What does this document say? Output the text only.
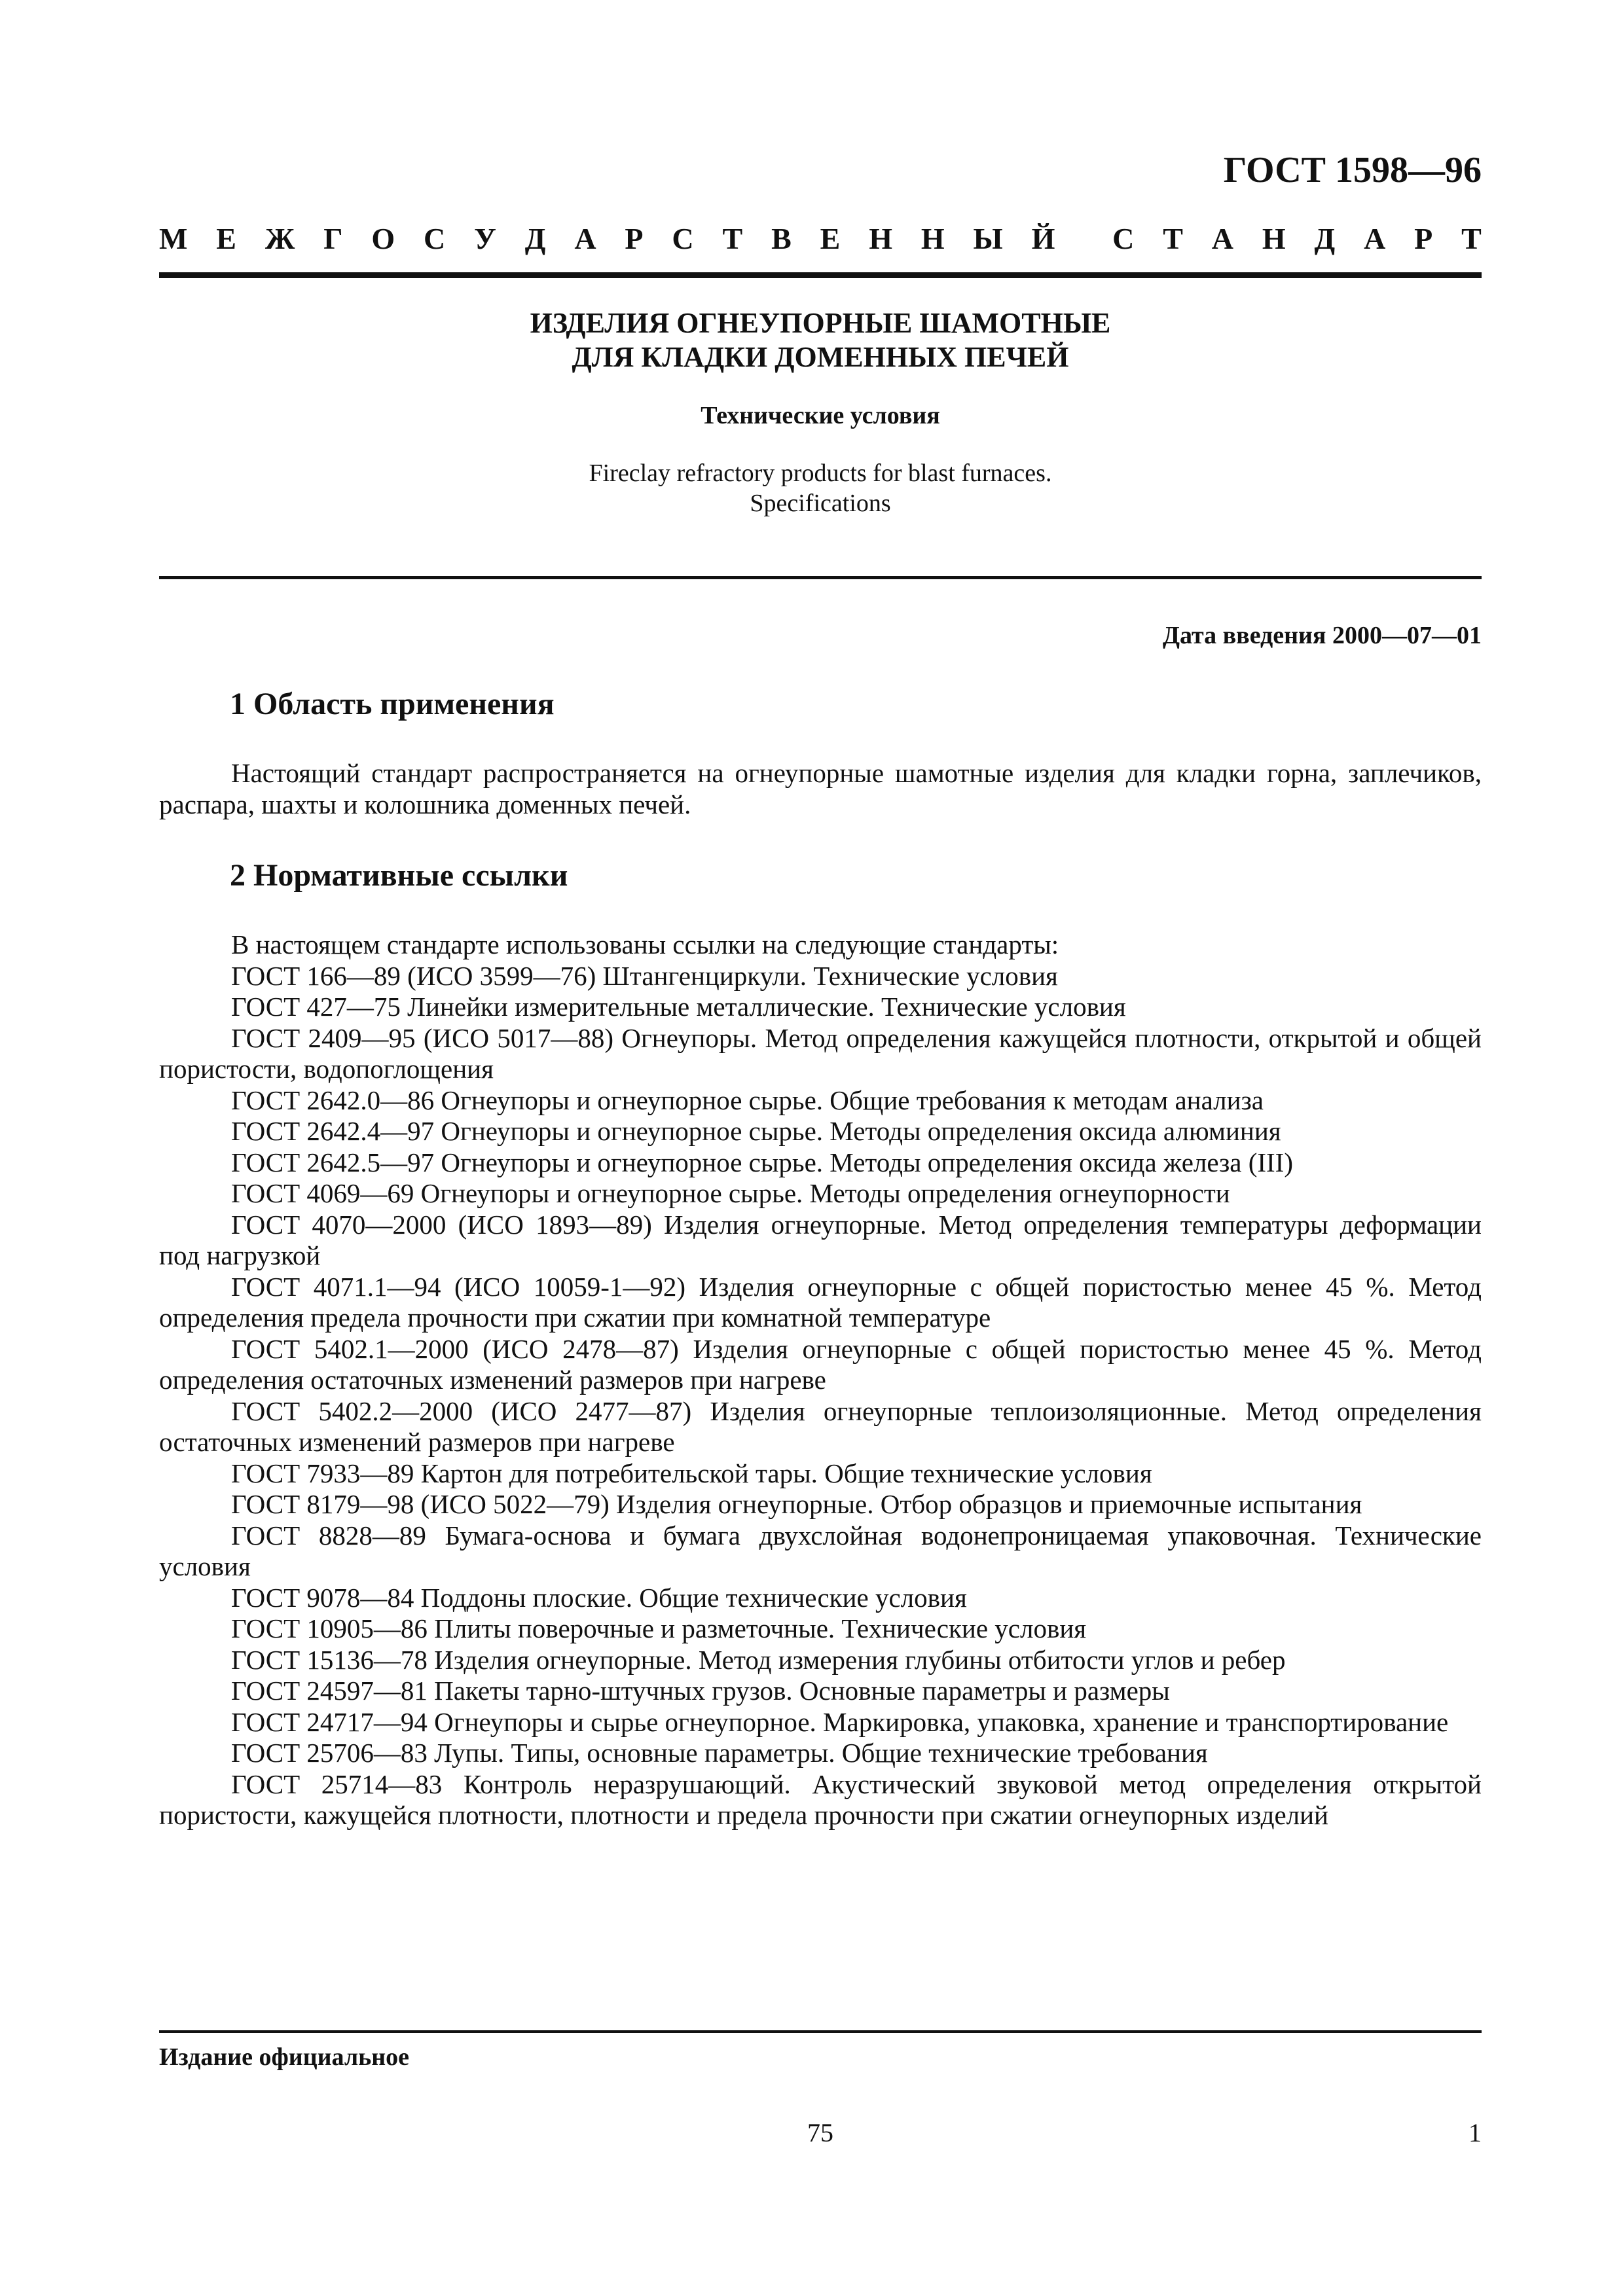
ГОСТ 1598—96
М Е Ж Г О С У Д А Р С Т В Е Н Н Ы Й С Т А Н Д А Р Т
ИЗДЕЛИЯ ОГНЕУПОРНЫЕ ШАМОТНЫЕ
ДЛЯ КЛАДКИ ДОМЕННЫХ ПЕЧЕЙ
Технические условия
Fireclay refractory products for blast furnaces.
Specifications
Дата введения 2000—07—01
1 Область применения

Настоящий стандарт распространяется на огнеупорные шамотные изделия для кладки горна, заплечиков, распара, шахты и колошника доменных печей.

2 Нормативные ссылки

В настоящем стандарте использованы ссылки на следующие стандарты:

ГОСТ 166—89 (ИСО 3599—76) Штангенциркули. Технические условия

ГОСТ 427—75 Линейки измерительные металлические. Технические условия

ГОСТ 2409—95 (ИСО 5017—88) Огнеупоры. Метод определения кажущейся плотности, открытой и общей пористости, водопоглощения

ГОСТ 2642.0—86 Огнеупоры и огнеупорное сырье. Общие требования к методам анализа

ГОСТ 2642.4—97 Огнеупоры и огнеупорное сырье. Методы определения оксида алюминия

ГОСТ 2642.5—97 Огнеупоры и огнеупорное сырье. Методы определения оксида железа (III)

ГОСТ 4069—69 Огнеупоры и огнеупорное сырье. Методы определения огнеупорности

ГОСТ 4070—2000 (ИСО 1893—89) Изделия огнеупорные. Метод определения температуры деформации под нагрузкой

ГОСТ 4071.1—94 (ИСО 10059-1—92) Изделия огнеупорные с общей пористостью менее 45 %. Метод определения предела прочности при сжатии при комнатной температуре

ГОСТ 5402.1—2000 (ИСО 2478—87) Изделия огнеупорные с общей пористостью менее 45 %. Метод определения остаточных изменений размеров при нагреве

ГОСТ 5402.2—2000 (ИСО 2477—87) Изделия огнеупорные теплоизоляционные. Метод определения остаточных изменений размеров при нагреве

ГОСТ 7933—89 Картон для потребительской тары. Общие технические условия

ГОСТ 8179—98 (ИСО 5022—79) Изделия огнеупорные. Отбор образцов и приемочные испытания

ГОСТ 8828—89 Бумага-основа и бумага двухслойная водонепроницаемая упаковочная. Технические условия

ГОСТ 9078—84 Поддоны плоские. Общие технические условия

ГОСТ 10905—86 Плиты поверочные и разметочные. Технические условия

ГОСТ 15136—78 Изделия огнеупорные. Метод измерения глубины отбитости углов и ребер

ГОСТ 24597—81 Пакеты тарно-штучных грузов. Основные параметры и размеры

ГОСТ 24717—94 Огнеупоры и сырье огнеупорное. Маркировка, упаковка, хранение и транспортирование

ГОСТ 25706—83 Лупы. Типы, основные параметры. Общие технические требования

ГОСТ 25714—83 Контроль неразрушающий. Акустический звуковой метод определения открытой пористости, кажущейся плотности, плотности и предела прочности при сжатии огнеупорных изделий

Издание официальное
75	1
